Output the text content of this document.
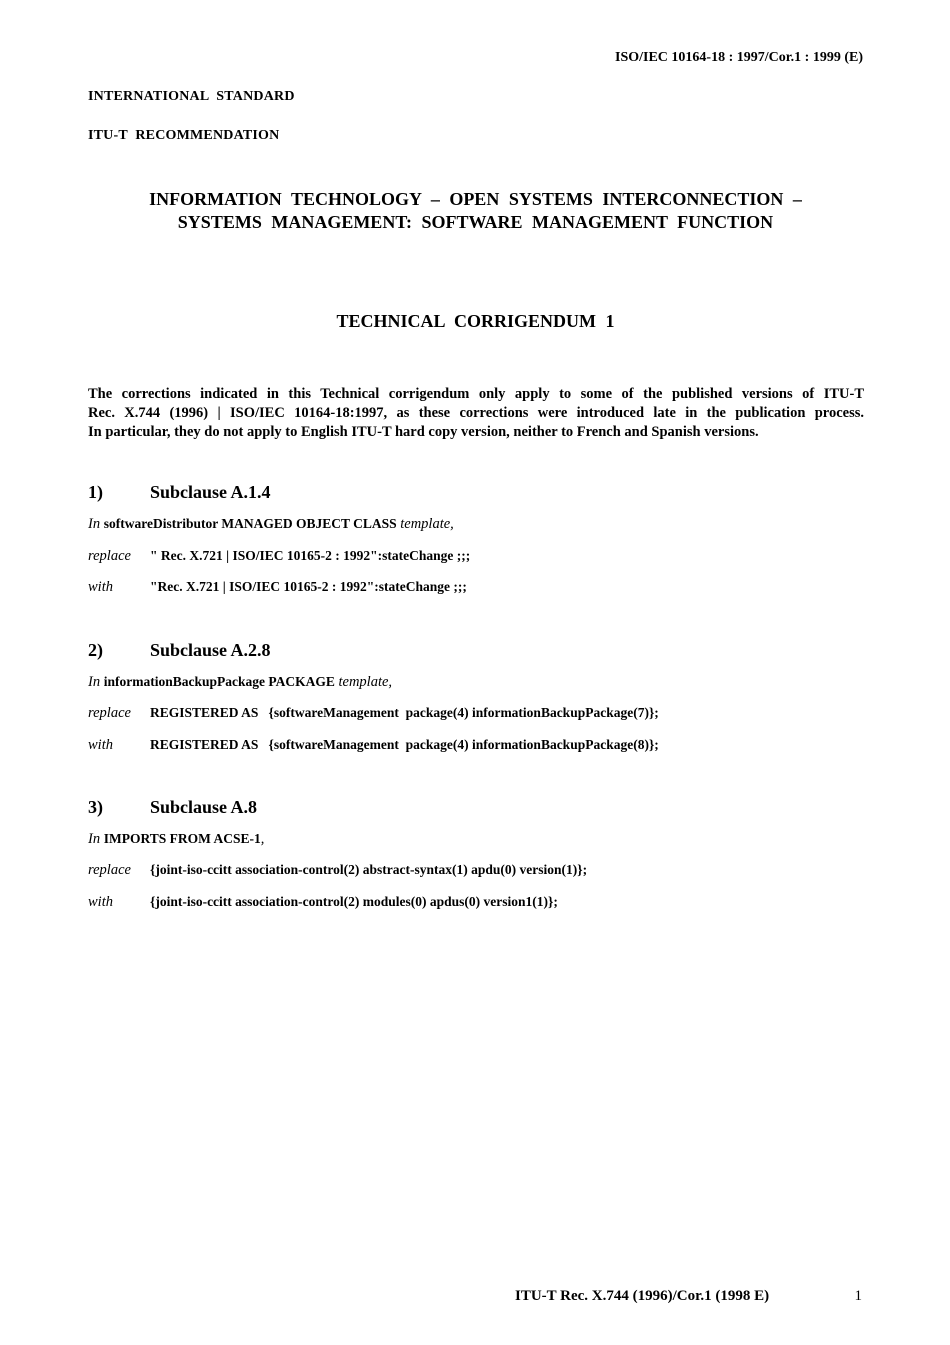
ISO/IEC 10164-18 : 1997/Cor.1 : 1999 (E)
INTERNATIONAL STANDARD
ITU-T RECOMMENDATION
INFORMATION TECHNOLOGY – OPEN SYSTEMS INTERCONNECTION –
SYSTEMS MANAGEMENT: SOFTWARE MANAGEMENT FUNCTION
TECHNICAL CORRIGENDUM 1
The corrections indicated in this Technical corrigendum only apply to some of the published versions of ITU-T
Rec. X.744 (1996) | ISO/IEC 10164-18:1997, as these corrections were introduced late in the publication process.
In particular, they do not apply to English ITU-T hard copy version, neither to French and Spanish versions.
1)	Subclause A.1.4
In softwareDistributor MANAGED OBJECT CLASS template,
replace " Rec. X.721 | ISO/IEC 10165-2 : 1992":stateChange ;;;
with	"Rec. X.721 | ISO/IEC 10165-2 : 1992":stateChange ;;;
2)	Subclause A.2.8
In informationBackupPackage PACKAGE template,
replace REGISTERED AS   {softwareManagement  package(4) informationBackupPackage(7)};
with	REGISTERED AS   {softwareManagement  package(4) informationBackupPackage(8)};
3)	Subclause A.8
In IMPORTS FROM ACSE-1,
replace {joint-iso-ccitt association-control(2) abstract-syntax(1) apdu(0) version(1)};
with	{joint-iso-ccitt association-control(2) modules(0) apdus(0) version1(1)};
ITU-T Rec. X.744 (1996)/Cor.1 (1998 E)	1
